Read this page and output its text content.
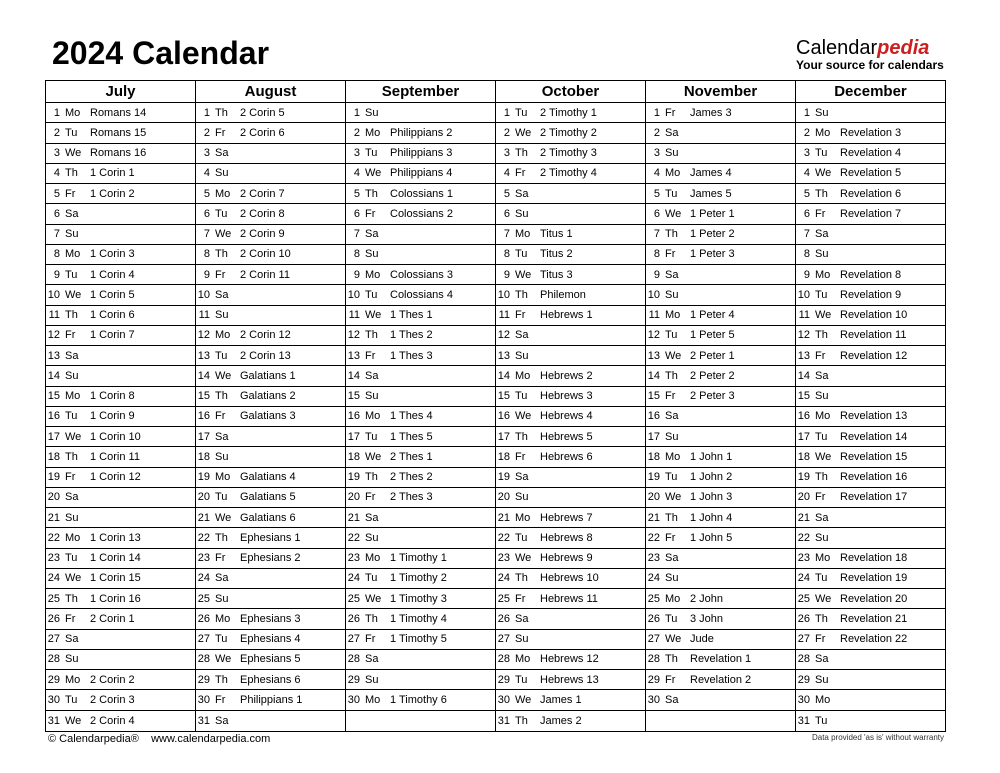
2024 Calendar	Calendarpedia
Your source for calendars
July
1 Mo Romans 14
2 Tu	Romans 15
3 We Romans 16
4 Th	1 Corin 1
5 Fr	1 Corin 2
6 Sa
7 Su
8 Mo 1 Corin 3
9 Tu	1 Corin 4
10 We 1 Corin 5
11 Th	1 Corin 6
12 Fr	1 Corin 7
13 Sa
14 Su
15 Mo 1 Corin 8
16 Tu	1 Corin 9
17 We 1 Corin 10
18 Th	1 Corin 11
19 Fr	1 Corin 12
20 Sa
21 Su
22 Mo 1 Corin 13
23 Tu	1 Corin 14
24 We 1 Corin 15
25 Th	1 Corin 16
26 Fr	2 Corin 1
27 Sa
28 Su
29 Mo 2 Corin 2
30 Tu	2 Corin 3
31 We 2 Corin 4
August
1 Th	2 Corin 5
2 Fr	2 Corin 6
3 Sa
4 Su
5 Mo 2 Corin 7
6 Tu	2 Corin 8
7 We 2 Corin 9
8 Th	2 Corin 10
9 Fr	2 Corin 11
10 Sa
11 Su
12 Mo 2 Corin 12
13 Tu	2 Corin 13
14 We Galatians 1
15 Th	Galatians 2
16 Fr	Galatians 3
17 Sa
18 Su
19 Mo Galatians 4
20 Tu	Galatians 5
21 We Galatians 6
22 Th	Ephesians 1
23 Fr	Ephesians 2
24 Sa
25 Su
26 Mo Ephesians 3
27 Tu	Ephesians 4
28 We Ephesians 5
29 Th	Ephesians 6
30 Fr	Philippians 1
31 Sa
September
1 Su
2 Mo Philippians 2
3 Tu	Philippians 3
4 We Philippians 4
5 Th	Colossians 1
6 Fr	Colossians 2
7 Sa
8 Su
9 Mo Colossians 3
10 Tu	Colossians 4
11 We 1 Thes 1
12 Th	1 Thes 2
13 Fr	1 Thes 3
14 Sa
15 Su
16 Mo 1 Thes 4
17 Tu	1 Thes 5
18 We 2 Thes 1
19 Th	2 Thes 2
20 Fr	2 Thes 3
21 Sa
22 Su
23 Mo 1 Timothy 1
24 Tu	1 Timothy 2
25 We 1 Timothy 3
26 Th	1 Timothy 4
27 Fr	1 Timothy 5
28 Sa
29 Su
30 Mo 1 Timothy 6
October
1 Tu	2 Timothy 1
2 We 2 Timothy 2
3 Th	2 Timothy 3
4 Fr	2 Timothy 4
5 Sa
6 Su
7 Mo Titus 1
8 Tu	Titus 2
9 We Titus 3
10 Th	Philemon
11 Fr	Hebrews 1
12 Sa
13 Su
14 Mo Hebrews 2
15 Tu	Hebrews 3
16 We Hebrews 4
17 Th	Hebrews 5
18 Fr	Hebrews 6
19 Sa
20 Su
21 Mo Hebrews 7
22 Tu	Hebrews 8
23 We Hebrews 9
24 Th	Hebrews 10
25 Fr	Hebrews 11
26 Sa
27 Su
28 Mo Hebrews 12
29 Tu	Hebrews 13
30 We James 1
31 Th	James 2
November
1 Fr	James 3
2 Sa
3 Su
4 Mo James 4
5 Tu	James 5
6 We 1 Peter 1
7 Th	1 Peter 2
8 Fr	1 Peter 3
9 Sa
10 Su
11 Mo 1 Peter 4
12 Tu	1 Peter 5
13 We 2 Peter 1
14 Th	2 Peter 2
15 Fr	2 Peter 3
16 Sa
17 Su
18 Mo 1 John 1
19 Tu	1 John 2
20 We 1 John 3
21 Th	1 John 4
22 Fr	1 John 5
23 Sa
24 Su
25 Mo 2 John
26 Tu	3 John
27 We Jude
28 Th	Revelation 1
29 Fr	Revelation 2
30 Sa
December
1 Su
2 Mo Revelation 3
3 Tu	Revelation 4
4 We Revelation 5
5 Th	Revelation 6
6 Fr	Revelation 7
7 Sa
8 Su
9 Mo Revelation 8
10 Tu	Revelation 9
11 We Revelation 10
12 Th	Revelation 11
13 Fr	Revelation 12
14 Sa
15 Su
16 Mo Revelation 13
17 Tu	Revelation 14
18 We Revelation 15
19 Th	Revelation 16
20 Fr	Revelation 17
21 Sa
22 Su
23 Mo Revelation 18
24 Tu	Revelation 19
25 We Revelation 20
26 Th	Revelation 21
27 Fr	Revelation 22
28 Sa
29 Su
30 Mo
31 Tu
© Calendarpedia® www.calendarpedia.com	Data provided 'as is' without warranty
